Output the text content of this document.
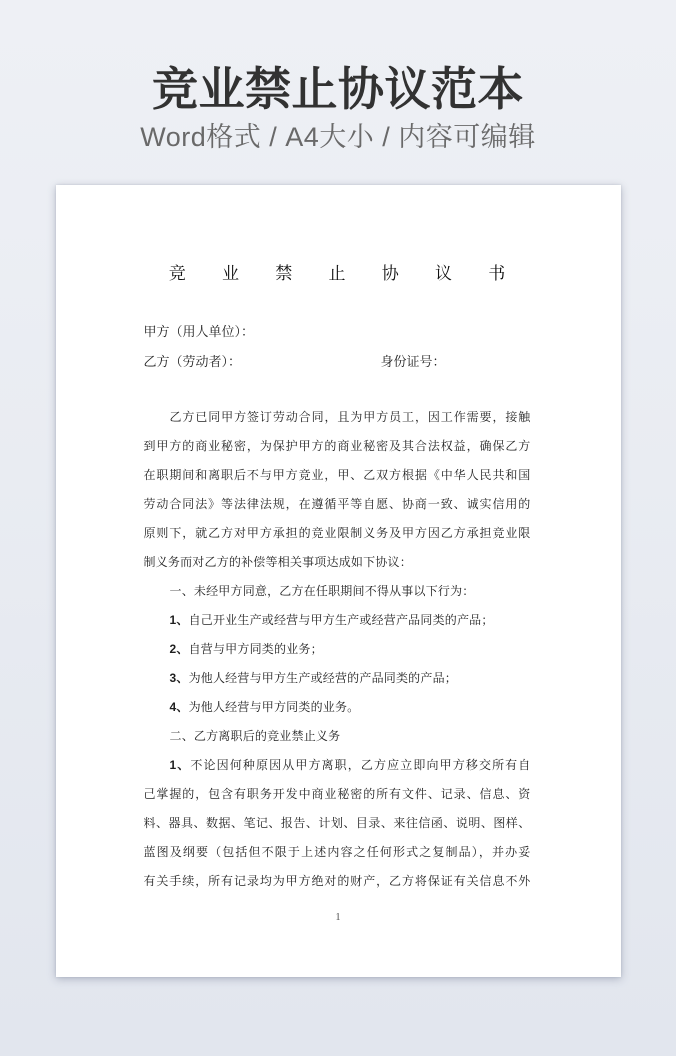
竞业禁止协议范本
Word格式 / A4大小 / 内容可编辑
竞 业 禁 止 协 议 书
甲方（用人单位）：
乙方（劳动者）：	身份证号：
乙方已同甲方签订劳动合同，且为甲方员工，因工作需要，接触
到甲方的商业秘密，为保护甲方的商业秘密及其合法权益，确保乙方
在职期间和离职后不与甲方竞业，甲、乙双方根据《中华人民共和国
劳动合同法》等法律法规，在遵循平等自愿、协商一致、诚实信用的
原则下，就乙方对甲方承担的竞业限制义务及甲方因乙方承担竞业限
制义务而对乙方的补偿等相关事项达成如下协议：
一、未经甲方同意，乙方在任职期间不得从事以下行为：
1、自己开业生产或经营与甲方生产或经营产品同类的产品；
2、自营与甲方同类的业务；
3、为他人经营与甲方生产或经营的产品同类的产品；
4、为他人经营与甲方同类的业务。
二、乙方离职后的竞业禁止义务
1、不论因何种原因从甲方离职，乙方应立即向甲方移交所有自
己掌握的，包含有职务开发中商业秘密的所有文件、记录、信息、资
料、器具、数据、笔记、报告、计划、目录、来往信函、说明、图样、
蓝图及纲要（包括但不限于上述内容之任何形式之复制品），并办妥
有关手续，所有记录均为甲方绝对的财产，乙方将保证有关信息不外
1
